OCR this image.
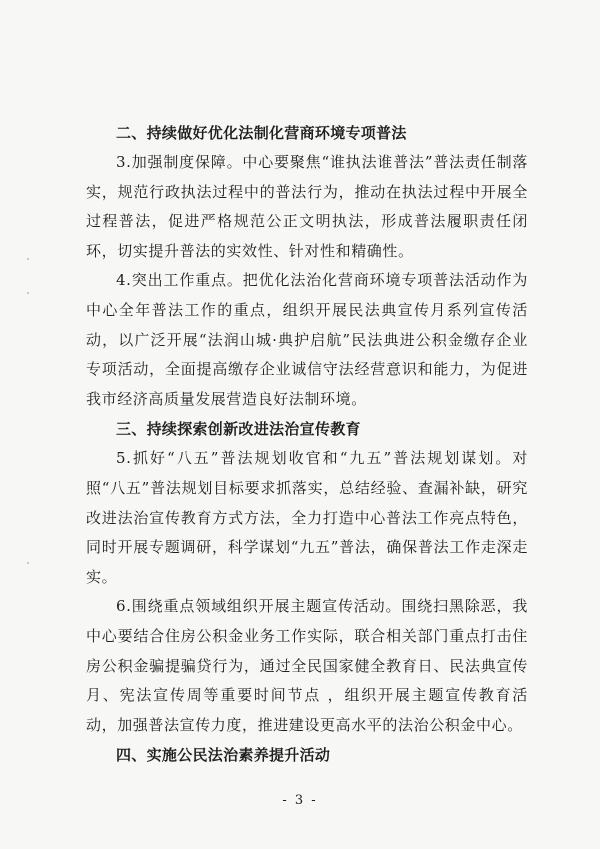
二、持续做好优化法制化营商环境专项普法

3.加强制度保障。中心要聚焦“谁执法谁普法”普法责任制落实，规范行政执法过程中的普法行为，推动在执法过程中开展全过程普法，促进严格规范公正文明执法，形成普法履职责任闭环，切实提升普法的实效性、针对性和精确性。

4.突出工作重点。把优化法治化营商环境专项普法活动作为中心全年普法工作的重点，组织开展民法典宣传月系列宣传活动，以广泛开展“法润山城·典护启航”民法典进公积金缴存企业专项活动，全面提高缴存企业诚信守法经营意识和能力，为促进我市经济高质量发展营造良好法制环境。

三、持续探索创新改进法治宣传教育

5.抓好“八五”普法规划收官和“九五”普法规划谋划。对照“八五”普法规划目标要求抓落实，总结经验、查漏补缺，研究改进法治宣传教育方式方法，全力打造中心普法工作亮点特色，同时开展专题调研，科学谋划“九五”普法，确保普法工作走深走实。

6.围绕重点领域组织开展主题宣传活动。围绕扫黑除恶，我中心要结合住房公积金业务工作实际，联合相关部门重点打击住房公积金骗提骗贷行为，通过全民国家健全教育日、民法典宣传月、宪法宣传周等重要时间节点 ，组织开展主题宣传教育活动，加强普法宣传力度，推进建设更高水平的法治公积金中心。

四、实施公民法治素养提升活动
- 3 -
